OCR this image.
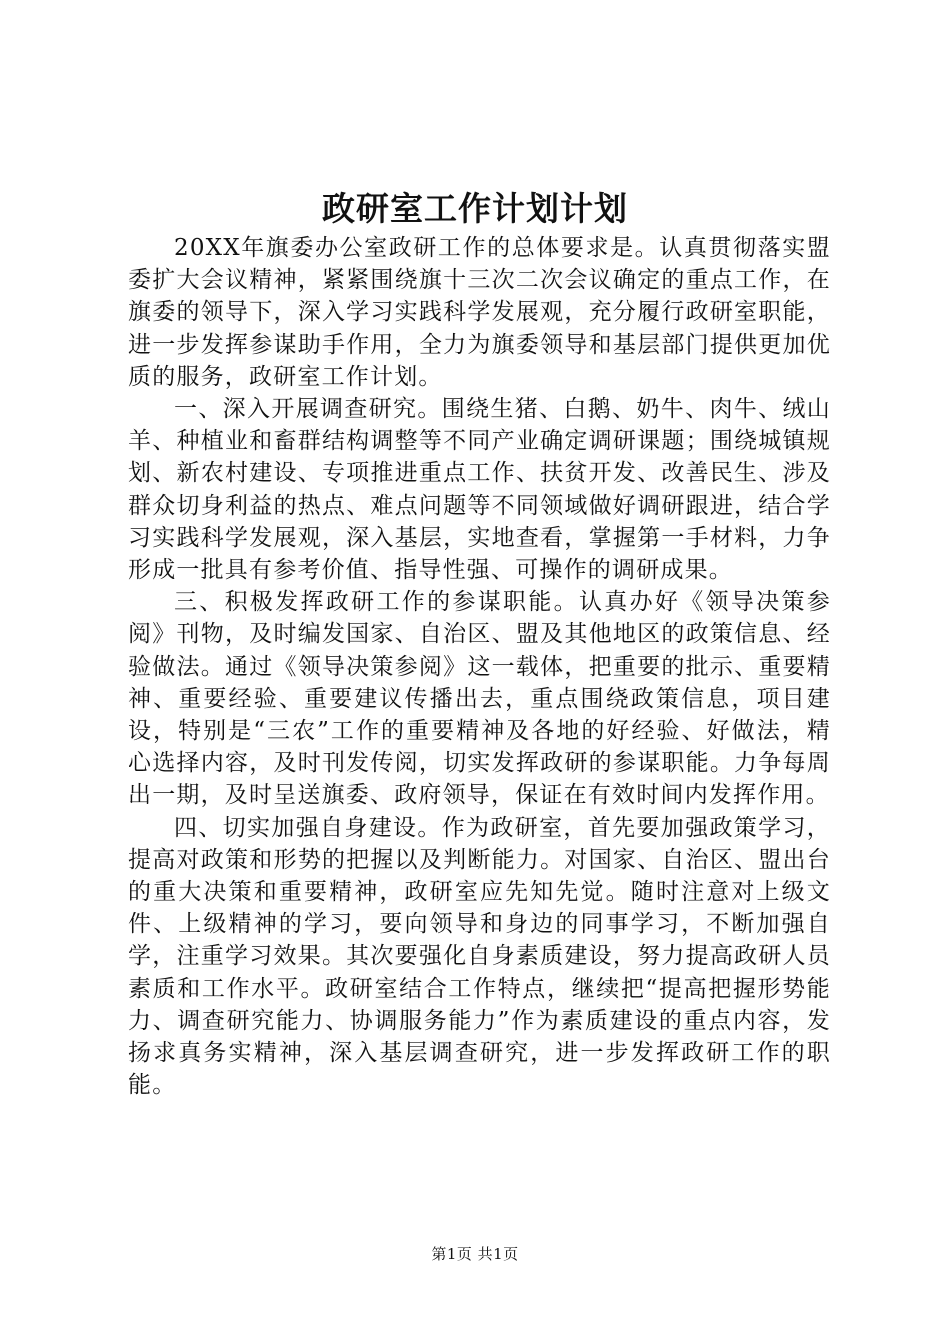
政研室工作计划计划

20XX年旗委办公室政研工作的总体要求是。认真贯彻落实盟委扩大会议精神，紧紧围绕旗十三次二次会议确定的重点工作，在旗委的领导下，深入学习实践科学发展观，充分履行政研室职能，进一步发挥参谋助手作用，全力为旗委领导和基层部门提供更加优质的服务，政研室工作计划。

一、深入开展调查研究。围绕生猪、白鹅、奶牛、肉牛、绒山羊、种植业和畜群结构调整等不同产业确定调研课题；围绕城镇规划、新农村建设、专项推进重点工作、扶贫开发、改善民生、涉及群众切身利益的热点、难点问题等不同领域做好调研跟进，结合学习实践科学发展观，深入基层，实地查看，掌握第一手材料，力争形成一批具有参考价值、指导性强、可操作的调研成果。

三、积极发挥政研工作的参谋职能。认真办好《领导决策参阅》刊物，及时编发国家、自治区、盟及其他地区的政策信息、经验做法。通过《领导决策参阅》这一载体，把重要的批示、重要精神、重要经验、重要建议传播出去，重点围绕政策信息，项目建设，特别是“三农”工作的重要精神及各地的好经验、好做法，精心选择内容，及时刊发传阅，切实发挥政研的参谋职能。力争每周出一期，及时呈送旗委、政府领导，保证在有效时间内发挥作用。

四、切实加强自身建设。作为政研室，首先要加强政策学习，提高对政策和形势的把握以及判断能力。对国家、自治区、盟出台的重大决策和重要精神，政研室应先知先觉。随时注意对上级文件、上级精神的学习，要向领导和身边的同事学习，不断加强自学，注重学习效果。其次要强化自身素质建设，努力提高政研人员素质和工作水平。政研室结合工作特点，继续把“提高把握形势能力、调查研究能力、协调服务能力”作为素质建设的重点内容，发扬求真务实精神，深入基层调查研究，进一步发挥政研工作的职能。

第1页 共1页
